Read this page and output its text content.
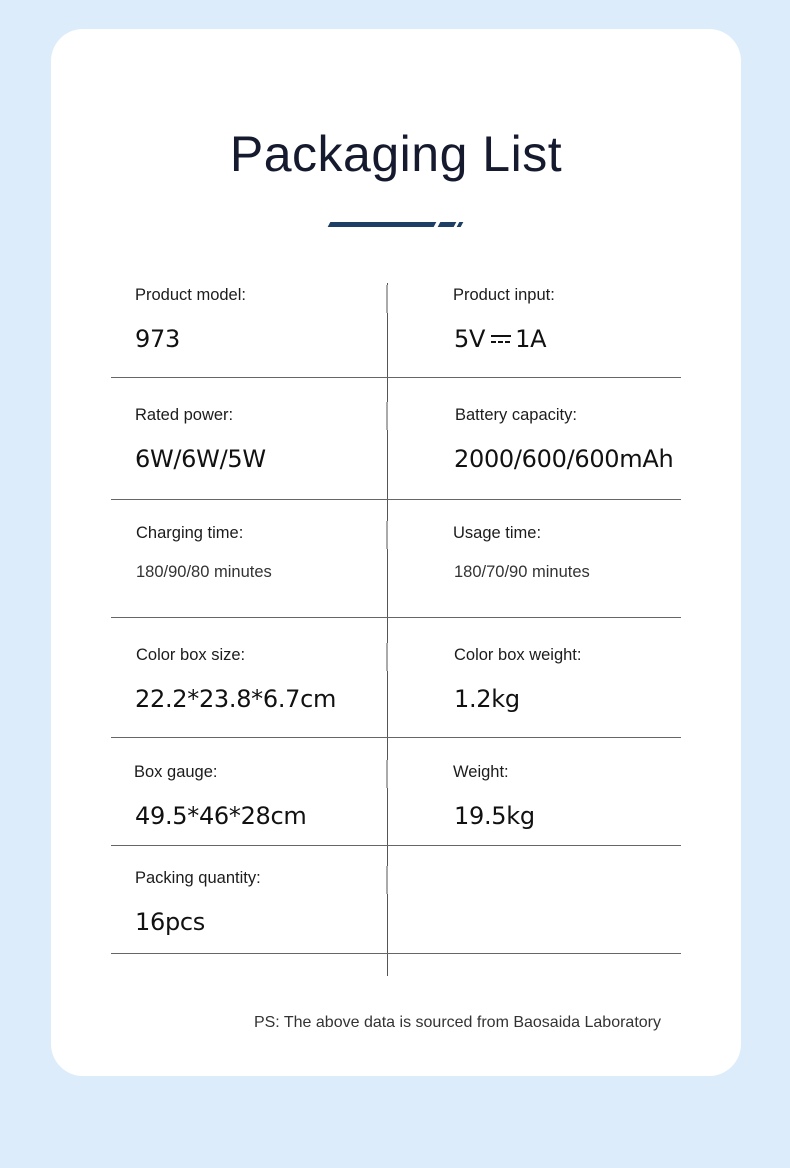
Packaging List
Product model:
973
Product input:
5V 1A
Rated power:
6W/6W/5W
Battery capacity:
2000/600/600mAh
Charging time:
180/90/80 minutes
Usage time:
180/70/90 minutes
Color box size:
22.2*23.8*6.7cm
Color box weight:
1.2kg
Box gauge:
49.5*46*28cm
Weight:
19.5kg
Packing quantity:
16pcs
PS: The above data is sourced from Baosaida Laboratory
